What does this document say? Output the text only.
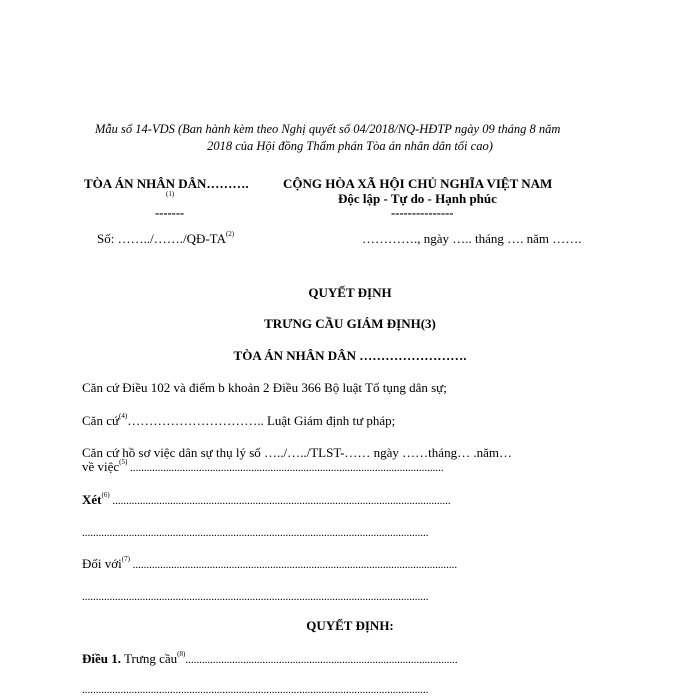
Mẫu số 14-VDS (Ban hành kèm theo Nghị quyết số 04/2018/NQ-HĐTP ngày 09 tháng 8 năm
2018 của Hội đồng Thẩm phán Tòa án nhân dân tối cao)
TÒA ÁN NHÂN DÂN……….
(1)
-------
Số: ……../……./QĐ-TA$^{(2)}$
CỘNG HÒA XÃ HỘI CHỦ NGHĨA VIỆT NAM
Độc lập - Tự do - Hạnh phúc
---------------
…………., ngày ….. tháng …. năm …….
QUYẾT ĐỊNH
TRƯNG CẦU GIÁM ĐỊNH(3)
TÒA ÁN NHÂN DÂN …………………….
Căn cứ Điều 102 và điểm b khoản 2 Điều 366 Bộ luật Tố tụng dân sự;
Căn cứ$^{(4)}$………………………….. Luật Giám định tư pháp;
Căn cứ hồ sơ việc dân sự thụ lý số …../…../TLST-…… ngày ……tháng… .năm…
về việc$^{(5)}$ ..................................................................................................................
Xét$^{(6)}$ ...........................................................................................................................
..............................................................................................................................
Đối với$^{(7)}$ ......................................................................................................................
..............................................................................................................................
QUYẾT ĐỊNH:
Điều 1. Trưng cầu$^{(8)}$...................................................................................................
..............................................................................................................................
